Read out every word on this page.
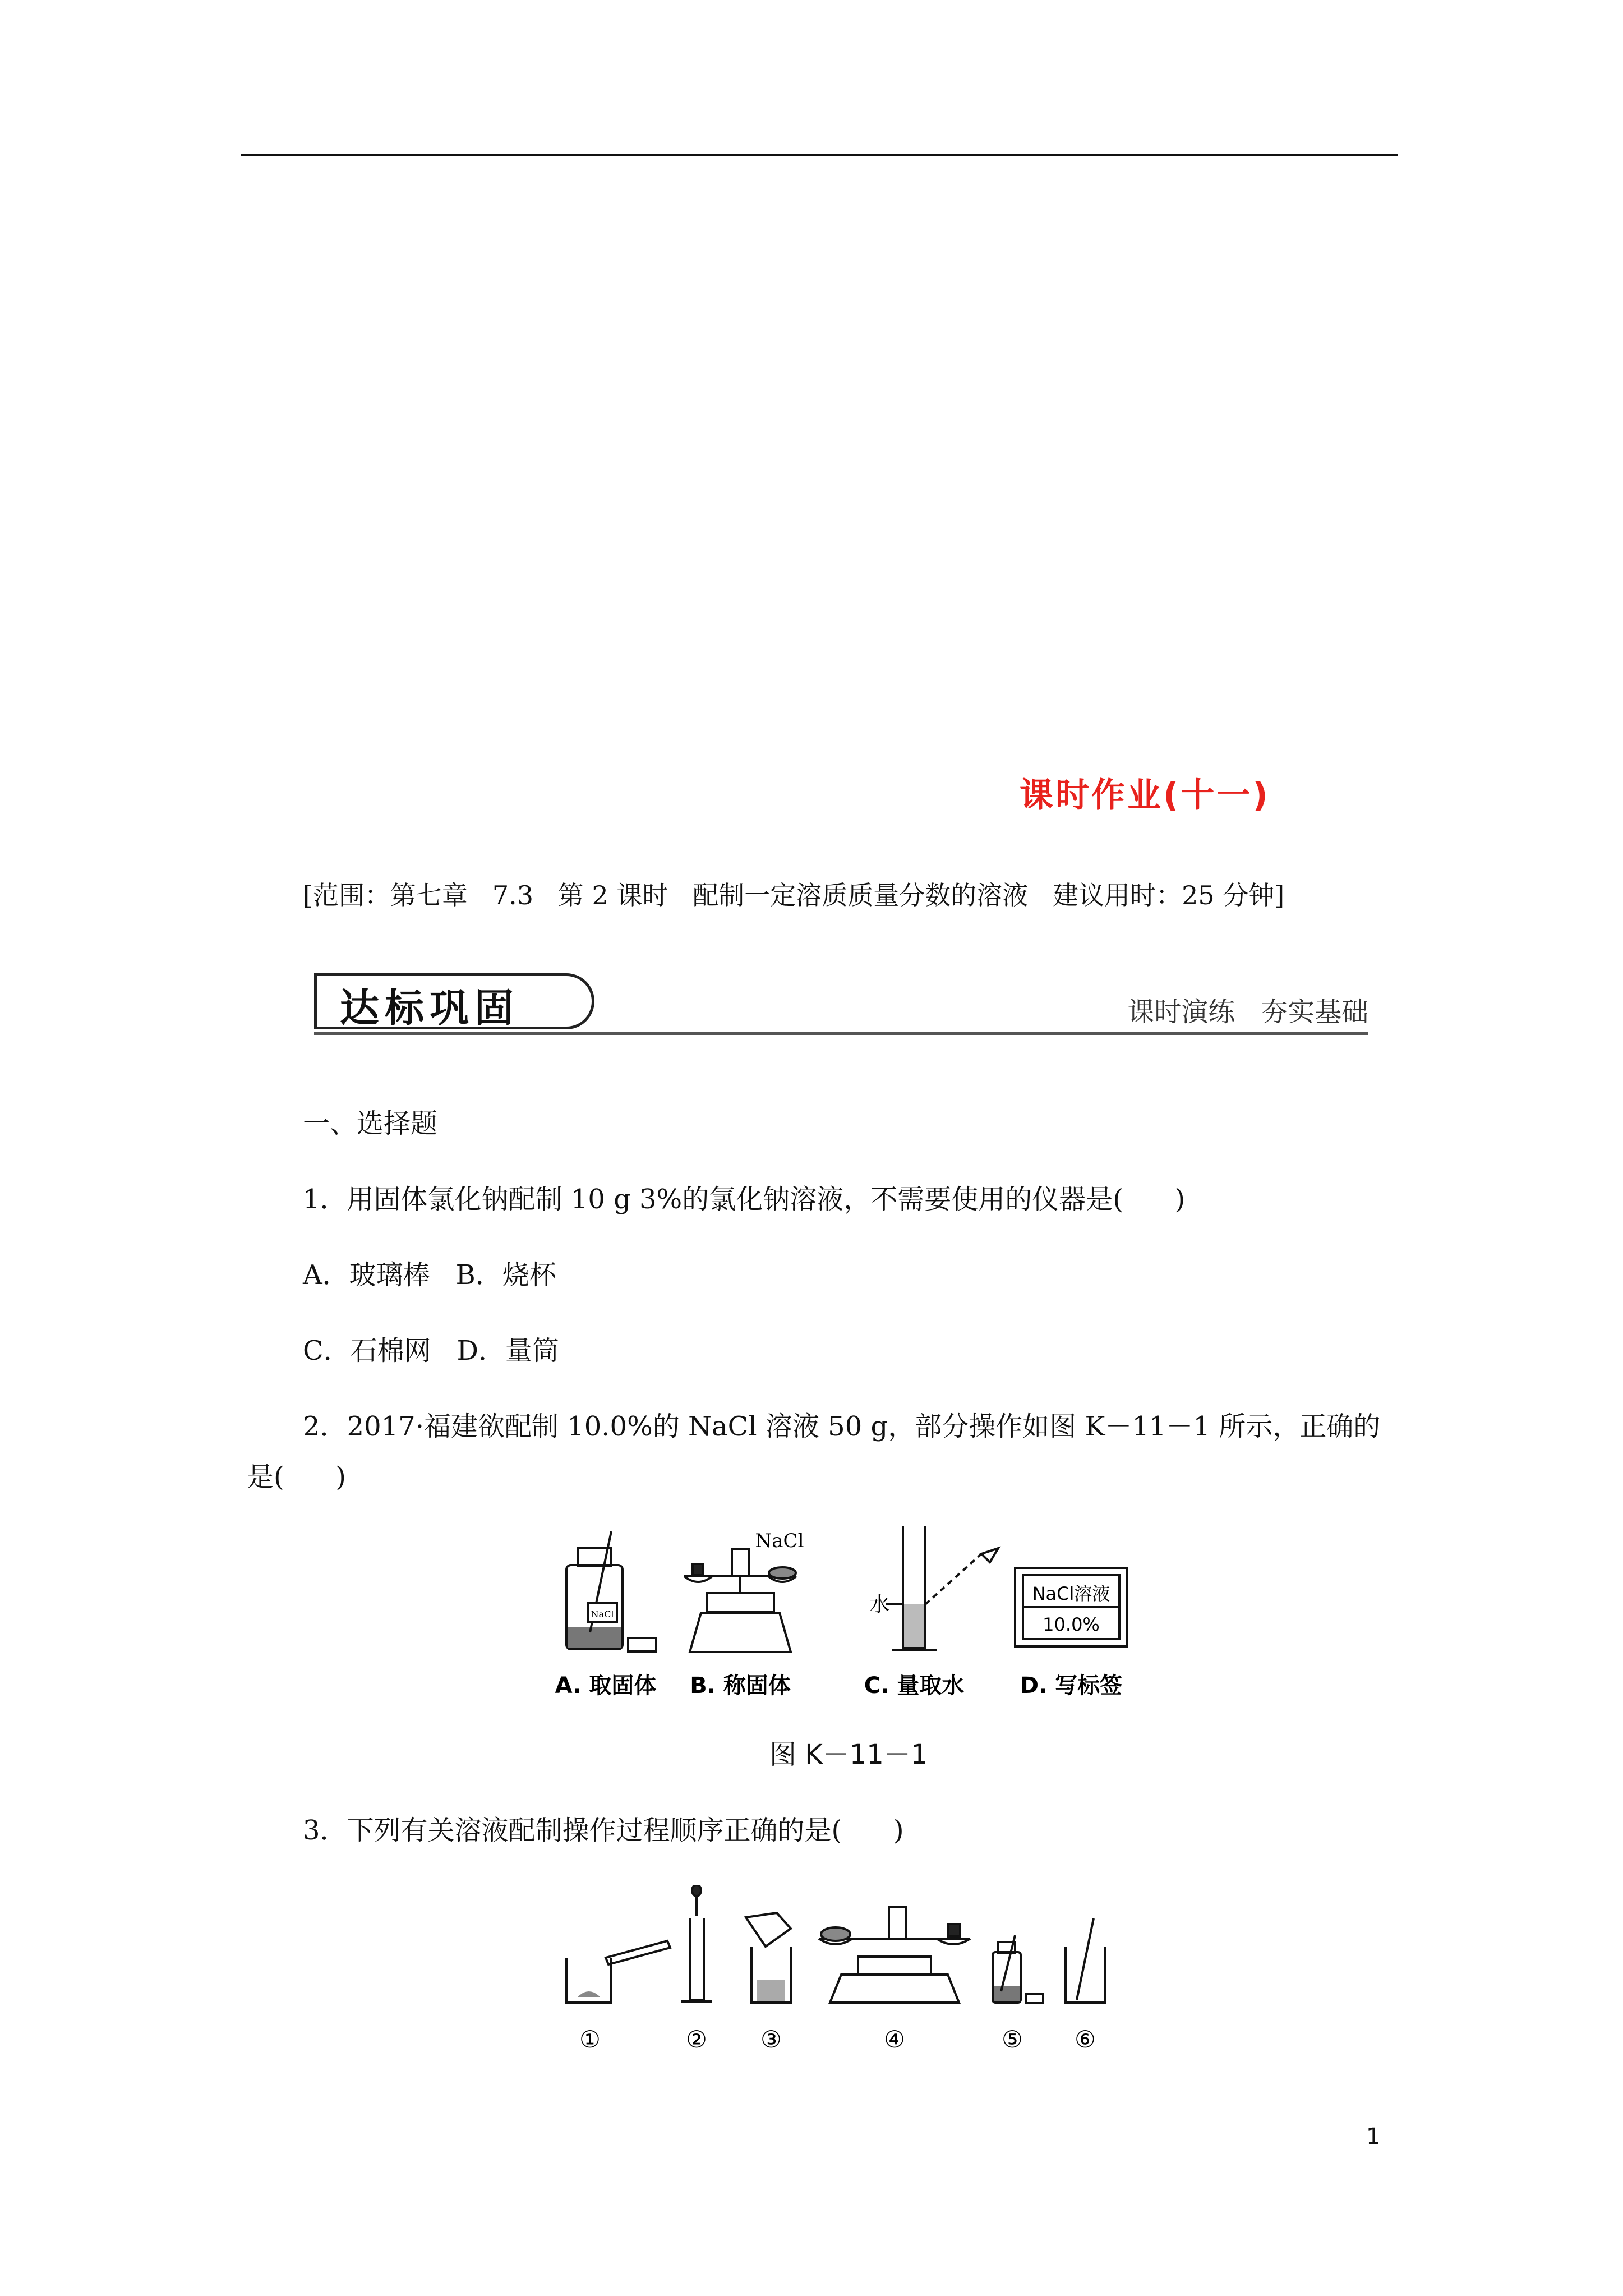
课时作业(十一)
[范围：第七章   7.3   第 2 课时   配制一定溶质质量分数的溶液   建议用时：25 分钟]
达标巩固	课时演练   夯实基础
一、选择题
1．用固体氯化钠配制 10 g 3%的氯化钠溶液，不需要使用的仪器是(      )
A．玻璃棒   B．烧杯
C．石棉网   D．量筒
2．2017·福建欲配制 10.0%的 NaCl 溶液 50 g，部分操作如图 K－11－1 所示，正确的
是(      )
NaCl
NaCl
水	NaCl溶液
10.0%
A. 取固体 B. 称固体	C. 量取水 D. 写标签
图 K－11－1
3．下列有关溶液配制操作过程顺序正确的是(      )
①	② ③	④	⑤ ⑥
1
